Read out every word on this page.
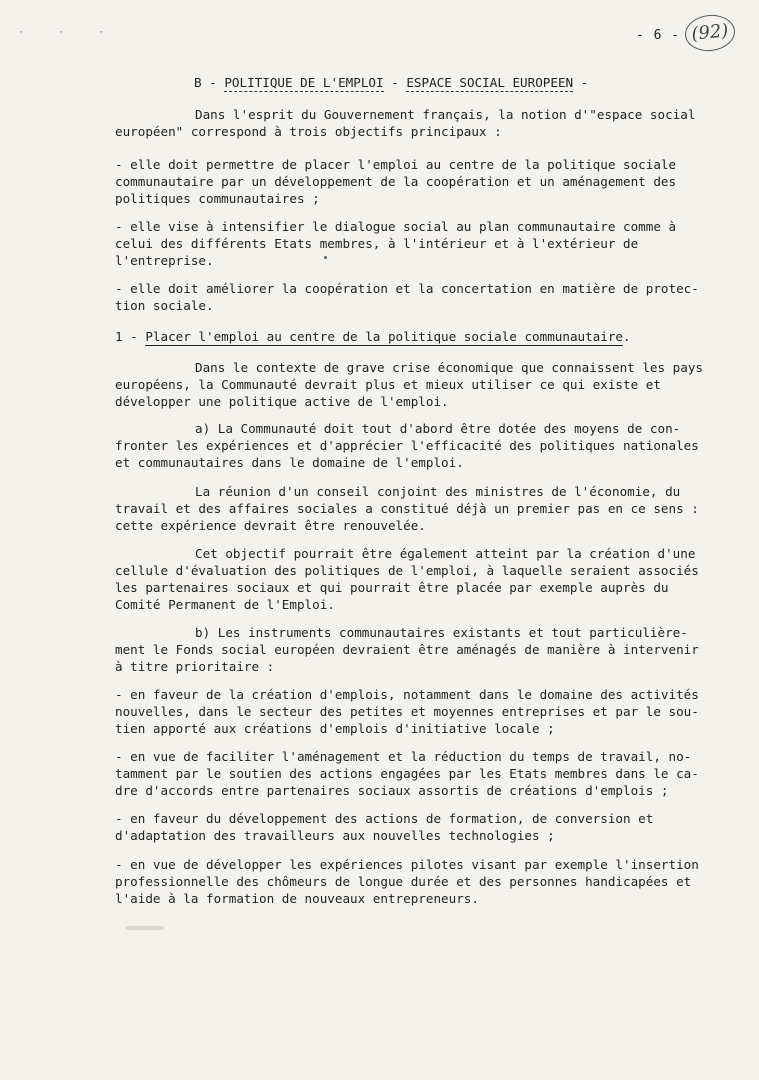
· · ·	- 6 - (92)
B - POLITIQUE DE L'EMPLOI - ESPACE SOCIAL EUROPEEN -

Dans l'esprit du Gouvernement français, la notion d'"espace social
européen" correspond à trois objectifs principaux :

- elle doit permettre de placer l'emploi au centre de la politique sociale
communautaire par un développement de la coopération et un aménagement des
politiques communautaires ;

- elle vise à intensifier le dialogue social au plan communautaire comme à
celui des différents Etats membres, à l'intérieur et à l'extérieur de
l'entreprise.

- elle doit améliorer la coopération et la concertation en matière de protec-
tion sociale.

1 - Placer l'emploi au centre de la politique sociale communautaire.

Dans le contexte de grave crise économique que connaissent les pays
européens, la Communauté devrait plus et mieux utiliser ce qui existe et
développer une politique active de l'emploi.

a) La Communauté doit tout d'abord être dotée des moyens de con-
fronter les expériences et d'apprécier l'efficacité des politiques nationales
et communautaires dans le domaine de l'emploi.

La réunion d'un conseil conjoint des ministres de l'économie, du
travail et des affaires sociales a constitué déjà un premier pas en ce sens :
cette expérience devrait être renouvelée.

Cet objectif pourrait être également atteint par la création d'une
cellule d'évaluation des politiques de l'emploi, à laquelle seraient associés
les partenaires sociaux et qui pourrait être placée par exemple auprès du
Comité Permanent de l'Emploi.

b) Les instruments communautaires existants et tout particulière-
ment le Fonds social européen devraient être aménagés de manière à intervenir
à titre prioritaire :

- en faveur de la création d'emplois, notamment dans le domaine des activités
nouvelles, dans le secteur des petites et moyennes entreprises et par le sou-
tien apporté aux créations d'emplois d'initiative locale ;

- en vue de faciliter l'aménagement et la réduction du temps de travail, no-
tamment par le soutien des actions engagées par les Etats membres dans le ca-
dre d'accords entre partenaires sociaux assortis de créations d'emplois ;

- en faveur du développement des actions de formation, de conversion et
d'adaptation des travailleurs aux nouvelles technologies ;

- en vue de développer les expériences pilotes visant par exemple l'insertion
professionnelle des chômeurs de longue durée et des personnes handicapées et
l'aide à la formation de nouveaux entrepreneurs.
